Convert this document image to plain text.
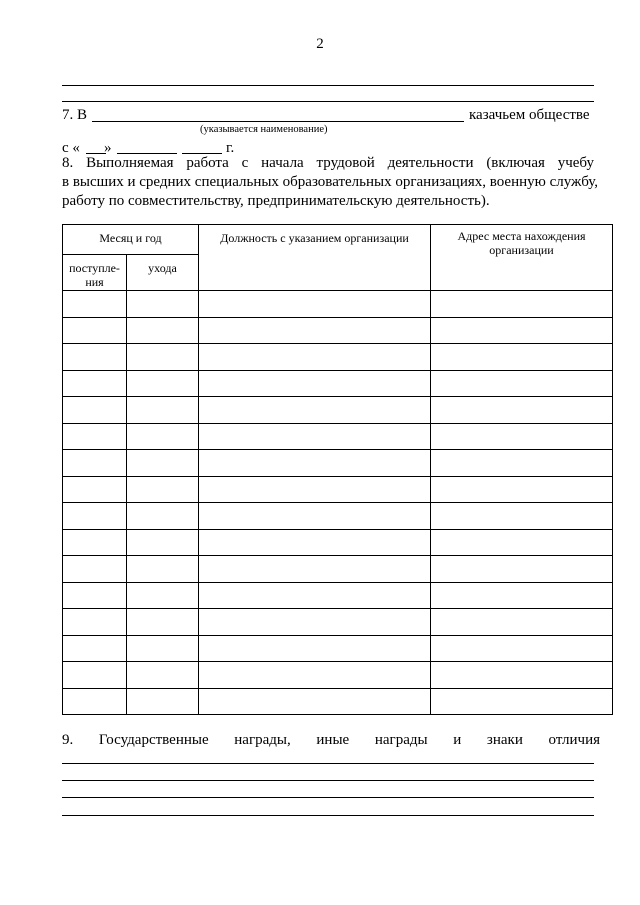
2
7. В	казачьем обществе
(указывается наименование)
с « »	г.
8. Выполняемая работа с начала трудовой деятельности (включая учебу
в высших и средних специальных образовательных организациях, военную службу,
работу по совместительству, предпринимательскую деятельность).
Месяц и год		Должность с указанием организации	Адрес места нахождения организации
поступле-ния	ухода		

9. Государственные награды, иные награды и знаки отличия
